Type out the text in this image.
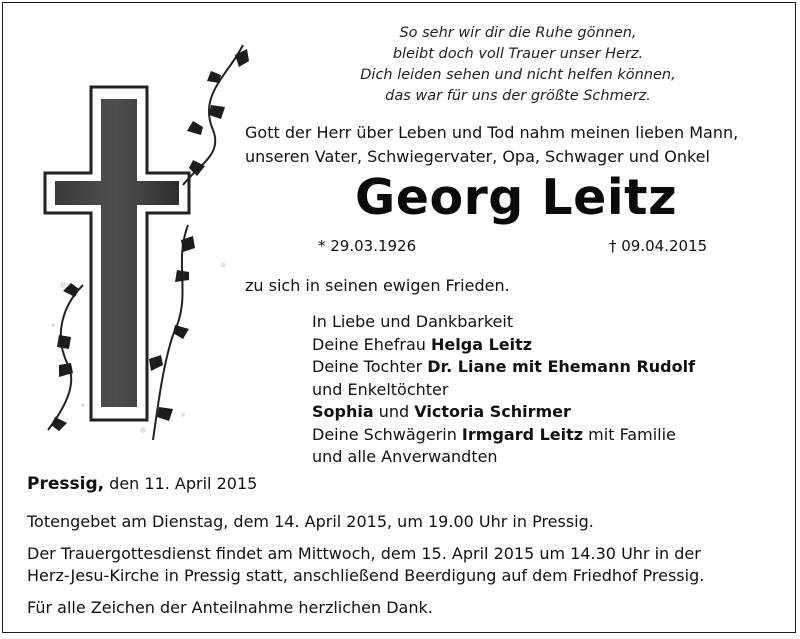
So sehr wir dir die Ruhe gönnen,
bleibt doch voll Trauer unser Herz.
Dich leiden sehen und nicht helfen können,
das war für uns der größte Schmerz.
Gott der Herr über Leben und Tod nahm meinen lieben Mann,
unseren Vater, Schwiegervater, Opa, Schwager und Onkel
Georg Leitz
* 29.03.1926	† 09.04.2015
zu sich in seinen ewigen Frieden.
In Liebe und Dankbarkeit
Deine Ehefrau Helga Leitz
Deine Tochter Dr. Liane mit Ehemann Rudolf
und Enkeltöchter
Sophia und Victoria Schirmer
Deine Schwägerin Irmgard Leitz mit Familie
und alle Anverwandten
Pressig, den 11. April 2015
Totengebet am Dienstag, dem 14. April 2015, um 19.00 Uhr in Pressig.
Der Trauergottesdienst findet am Mittwoch, dem 15. April 2015 um 14.30 Uhr in der
Herz-Jesu-Kirche in Pressig statt, anschließend Beerdigung auf dem Friedhof Pressig.
Für alle Zeichen der Anteilnahme herzlichen Dank.
